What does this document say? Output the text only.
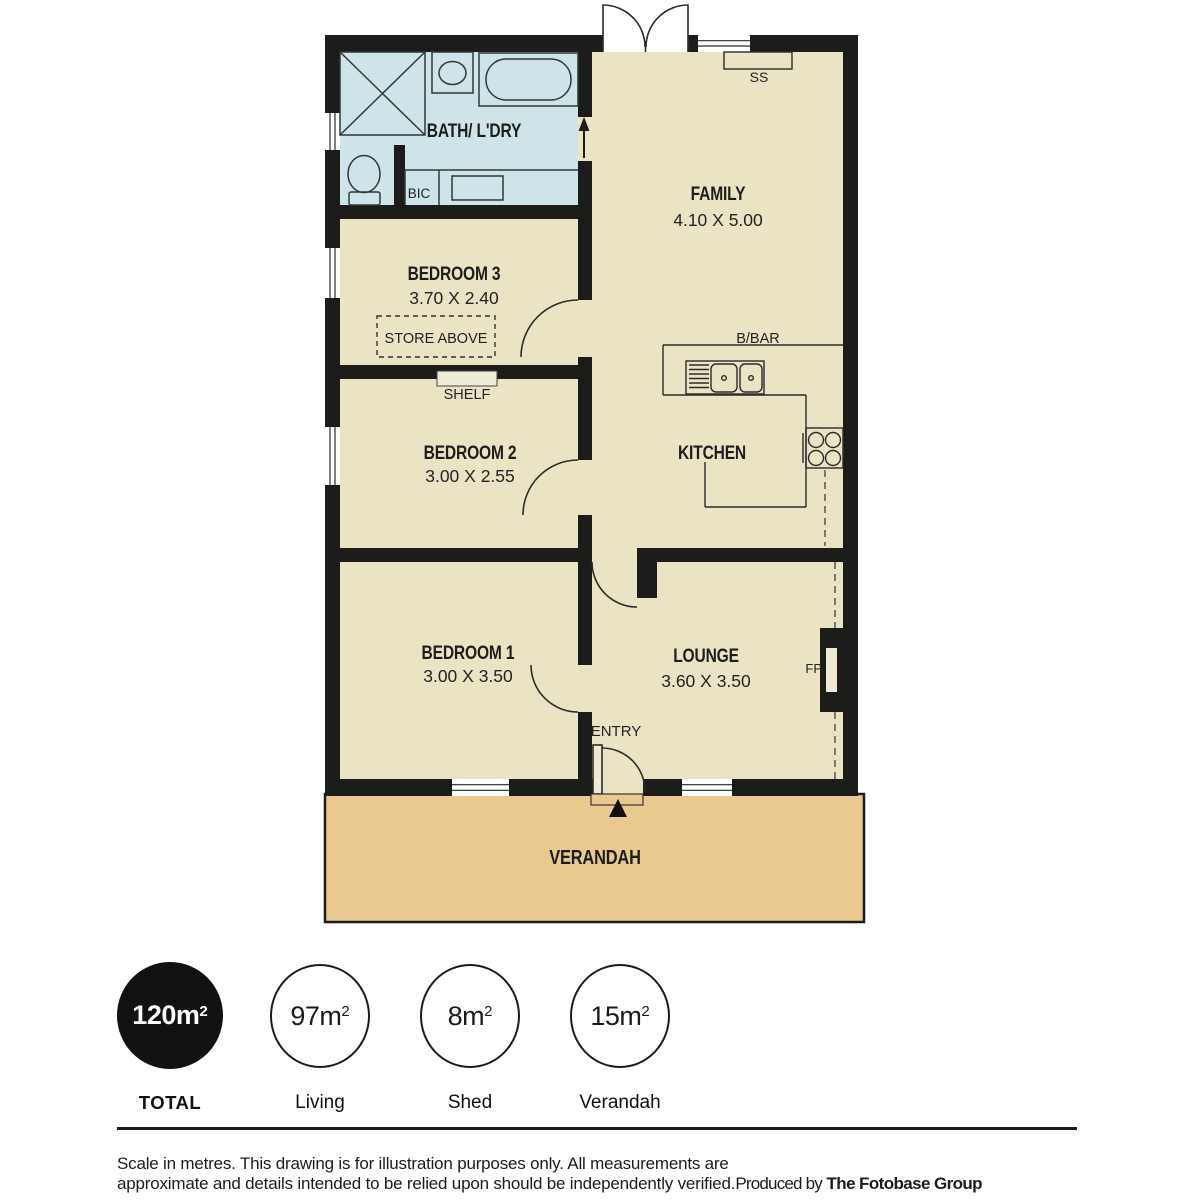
BATH/ L'DRY
FAMILY
4.10 X 5.00
BEDROOM 3
3.70 X 2.40
BEDROOM 2
3.00 X 2.55
KITCHEN
BEDROOM 1
3.00 X 3.50
LOUNGE
3.60 X 3.50
VERANDAH
SS
BIC
STORE ABOVE
SHELF
B/BAR
ENTRY
FP
$120m^2$	$97m^2$	$8m^2$	$15m^2$
TOTAL	Living	Shed	Verandah
Scale in metres. This drawing is for illustration purposes only. All measurements are
approximate and details intended to be relied upon should be independently verified.Produced by The Fotobase Group
